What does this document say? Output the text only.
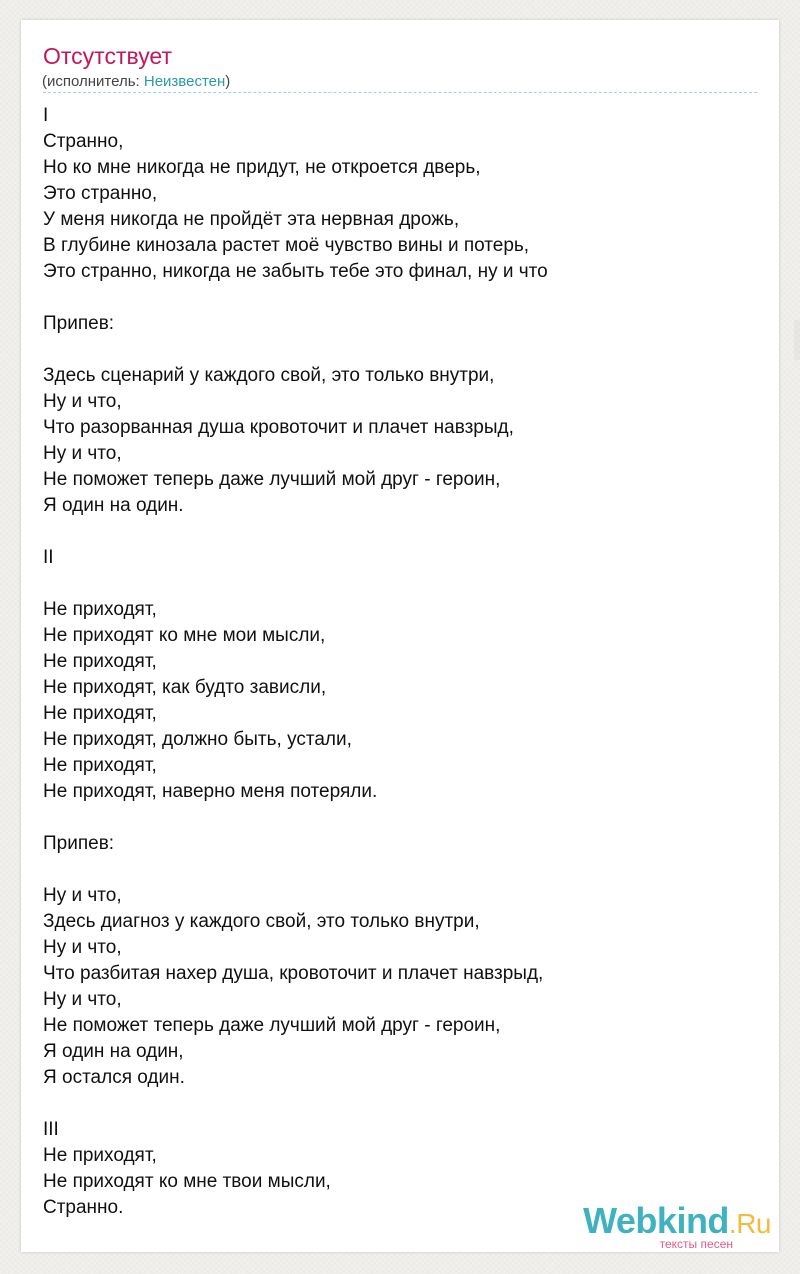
Отсутствует
(исполнитель: Неизвестен)
I
Странно,
Но ко мне никогда не придут, не откроется дверь,
Это странно,
У меня никогда не пройдёт эта нервная дрожь,
В глубине кинозала растет моё чувство вины и потерь,
Это странно, никогда не забыть тебе это финал, ну и что
Припев:
Здесь сценарий у каждого свой, это только внутри,
Ну и что,
Что разорванная душа кровоточит и плачет навзрыд,
Ну и что,
Не поможет теперь даже лучший мой друг - героин,
Я один на один.
II
Не приходят,
Не приходят ко мне мои мысли,
Не приходят,
Не приходят, как будто зависли,
Не приходят,
Не приходят, должно быть, устали,
Не приходят,
Не приходят, наверно меня потеряли.
Припев:
Ну и что,
Здесь диагноз у каждого свой, это только внутри,
Ну и что,
Что разбитая нахер душа, кровоточит и плачет навзрыд,
Ну и что,
Не поможет теперь даже лучший мой друг - героин,
Я один на один,
Я остался один.
III
Не приходят,
Не приходят ко мне твои мысли,
Странно.	Webkind.Ru
тексты песен
